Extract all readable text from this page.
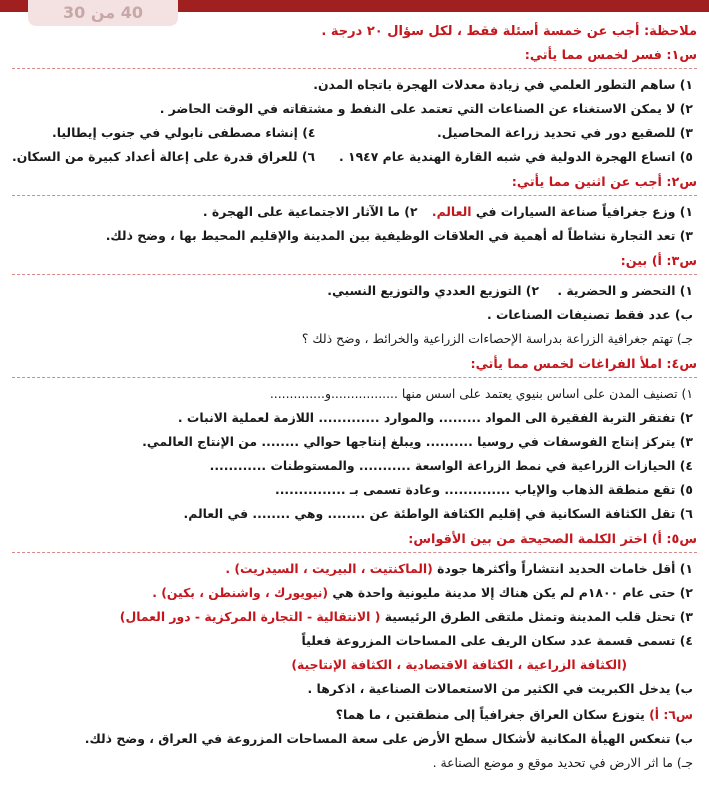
40 من 30
ملاحظة: أجب عن خمسة أسئلة فقط ، لكل سؤال ٢٠ درجة .
س١: فسر لخمس مما يأتي:
١) ساهم التطور العلمي في زيادة معدلات الهجرة باتجاه المدن.
٢) لا يمكن الاستغناء عن الصناعات التي تعتمد على النفط و مشتقاته في الوقت الحاضر .
٣) للصقيع دور في تحديد زراعة المحاصيل.
٤) إنشاء مصطفى نابولي في جنوب إيطاليا.
٥) اتساع الهجرة الدولية في شبه القارة الهندية عام ١٩٤٧ .
٦) للعراق قدرة على إعالة أعداد كبيرة من السكان.
س٢: أجب عن اثنين مما يأتي:
١) وزع جغرافياً صناعة السيارات في العالم. ٢) ما الآثار الاجتماعية على الهجرة .
٣) تعد التجارة نشاطاً له أهمية في العلاقات الوظيفية بين المدينة والإقليم المحيط بها ، وضح ذلك.
س٣: أ) بين:
١) التحضر و الحضرية . ٢) التوزيع العددي والتوزيع النسبي.
ب) عدد فقط تصنيفات الصناعات .
جـ) تهتم جغرافية الزراعة بدراسة الإحصاءات الزراعية والخرائط ، وضح ذلك ؟
س٤: املأ الفراغات لخمس مما يأتي:
١) تصنيف المدن على اساس بنيوي يعتمد على اسس منها .................و..............
٢) تفتقر التربة الفقيرة الى المواد ......... والموارد ............. اللازمة لعملية الانبات .
٣) يتركز إنتاج الفوسفات في روسيا .......... ويبلغ إنتاجها حوالي ........ من الإنتاج العالمي.
٤) الحيازات الزراعية في نمط الزراعة الواسعة ........... والمستوطنات ............
٥) تقع منطقة الذهاب والإياب .............. وعادة تسمى بـ ...............
٦) تقل الكثافة السكانية في إقليم الكثافة الواطئة عن ........ وهي ........ في العالم.
س٥: أ) اختر الكلمة الصحيحة من بين الأقواس:
١) أقل خامات الحديد انتشاراً وأكثرها جودة (الماكنتيت ، البيريت ، السيدريت) .
٢) حتى عام ١٨٠٠م لم يكن هناك إلا مدينة مليونية واحدة هي (نيويورك ، واشنطن ، بكين) .
٣) تحتل قلب المدينة وتمثل ملتقى الطرق الرئيسية ( الانتقالية - التجارة المركزية - دور العمال)
٤) تسمى قسمة عدد سكان الريف على المساحات المزروعة فعلياً
(الكثافة الزراعية ، الكثافة الاقتصادية ، الكثافة الإنتاجية)
ب) يدخل الكبريت في الكثير من الاستعمالات الصناعية ، اذكرها .
س٦: أ) يتوزع سكان العراق جغرافياً إلى منطقتين ، ما هما؟
ب) تنعكس الهيأة المكانية لأشكال سطح الأرض على سعة المساحات المزروعة في العراق ، وضح ذلك.
جـ) ما اثر الارض في تحديد موقع و موضع الصناعة .
